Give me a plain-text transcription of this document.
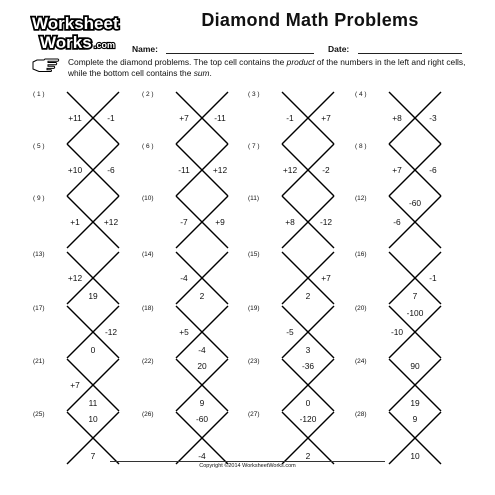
Worksheet
Works .com
Diamond Math Problems
Name:	Date:
Complete the diamond problems. The top cell contains the product of the numbers in the left and right cells, while the bottom cell contains the sum.
( 1 )
+11	-1
( 2 )
+7	-11
( 3 )
-1	+7
( 4 )
+8	-3
( 5 )
+10	-6
( 6 )
-11	+12
( 7 )
+12	-2
( 8 )
+7	-6
( 9 )
+1	+12
(10)
-7	+9
(11)
+8	-12
(12)	-60
-6
(13)
+12
19
(14)
-4
2
(15)
+7
2
(16)
-1
7
(17)
-12
0
(18)
+5
-4
(19)
-5
3
(20)	-100
-10
(21)
+7
11
(22)	20
9
(23)	-36
0
(24)	90
19
(25)	10
7
(26)	-60
-4
(27)	-120
2
(28)	9
10
Copyright ©2014 WorksheetWorks.com
